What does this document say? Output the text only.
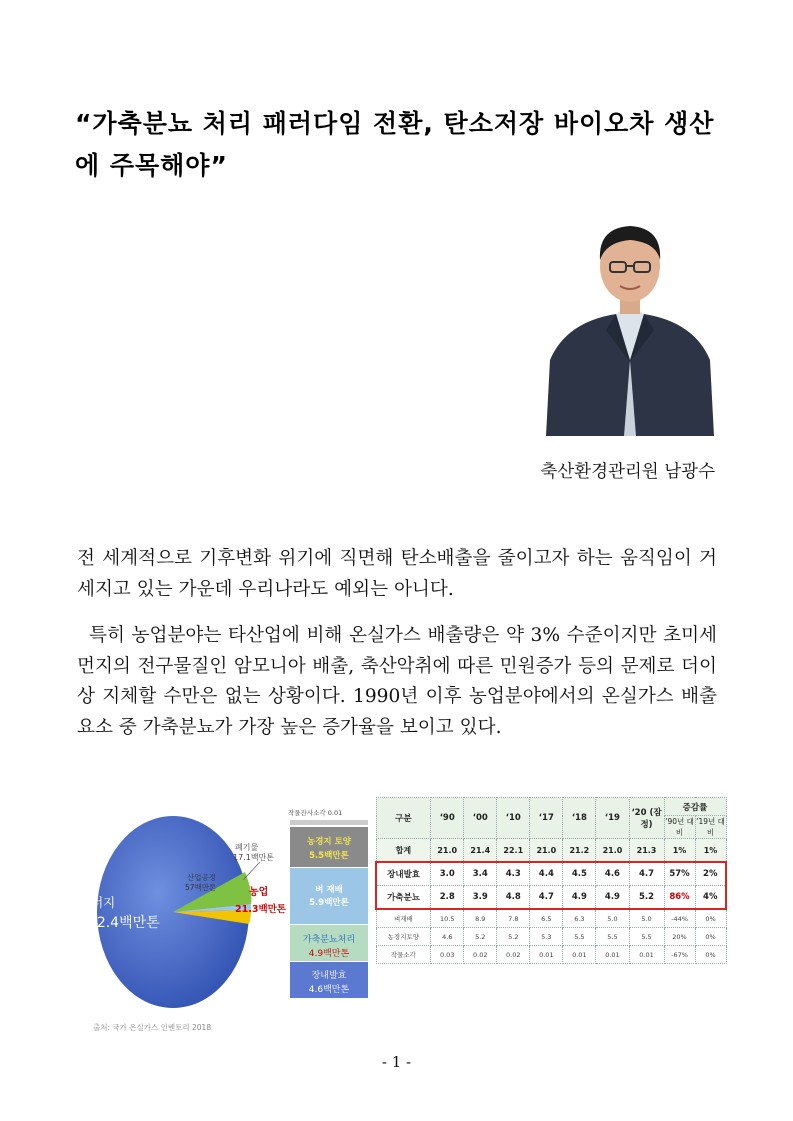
“가축분뇨 처리 패러다임 전환, 탄소저장 바이오차 생산에 주목해야”
축산환경관리원 남광수

전 세계적으로 기후변화 위기에 직면해 탄소배출을 줄이고자 하는 움직임이 거세지고 있는 가운데 우리나라도 예외는 아니다.

특히 농업분야는 타산업에 비해 온실가스 배출량은 약 3% 수준이지만 초미세먼지의 전구물질인 암모니아 배출, 축산악취에 따른 민원증가 등의 문제로 더이상 지체할 수만은 없는 상황이다. 1990년 이후 농업분야에서의 온실가스 배출요소 중 가축분뇨가 가장 높은 증가율을 보이고 있다.

에너지
632.4백만톤
폐기물
17.1백만톤
산업공정
57백만톤	농업
21.3백만톤
출처: 국가 온실가스 인벤토리 2018
작물잔사소각 0.01
농경지 토양
5.5백만톤
벼 재배
5.9백만톤
가축분뇨처리
4.9백만톤
장내발효
4.6백만톤
구분	‘90	‘00	‘10	‘17	‘18	‘19	‘20 (잠정)	증감률	
								‘90년 대비	‘19년 대비
합계	21.0	21.4	22.1	21.0	21.2	21.0	21.3	1%	1%
장내발효	3.0	3.4	4.3	4.4	4.5	4.6	4.7	57%	2%
가축분뇨	2.8	3.9	4.8	4.7	4.9	4.9	5.2	86%	4%
벼재배	10.5	8.9	7.8	6.5	6.3	5.0	5.0	-44%	0%
농경지토양	4.6	5.2	5.2	5.3	5.5	5.5	5.5	20%	0%
작물소각	0.03	0.02	0.02	0.01	0.01	0.01	0.01	-67%	0%
- 1 -
